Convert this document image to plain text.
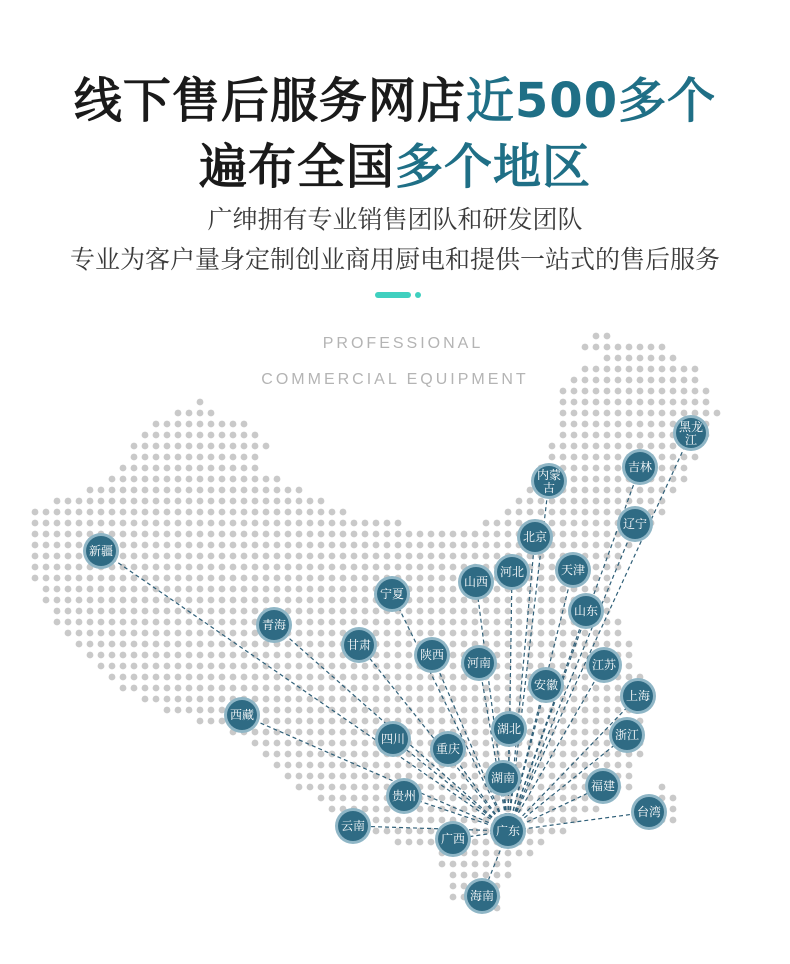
线下售后服务网店近500多个
遍布全国多个地区
广绅拥有专业销售团队和研发团队
专业为客户量身定制创业商用厨电和提供一站式的售后服务
PROFESSIONAL
COMMERCIAL EQUIPMENT
黑龙江
吉林
内蒙古
辽宁
北京
新疆
河北	天津
山西
宁夏
山东
青海
甘肃
陕西
河南	江苏
安徽
上海
西藏
湖北
四川
重庆
浙江
湖南
福建
贵州
台湾
云南
广西
广东
海南
